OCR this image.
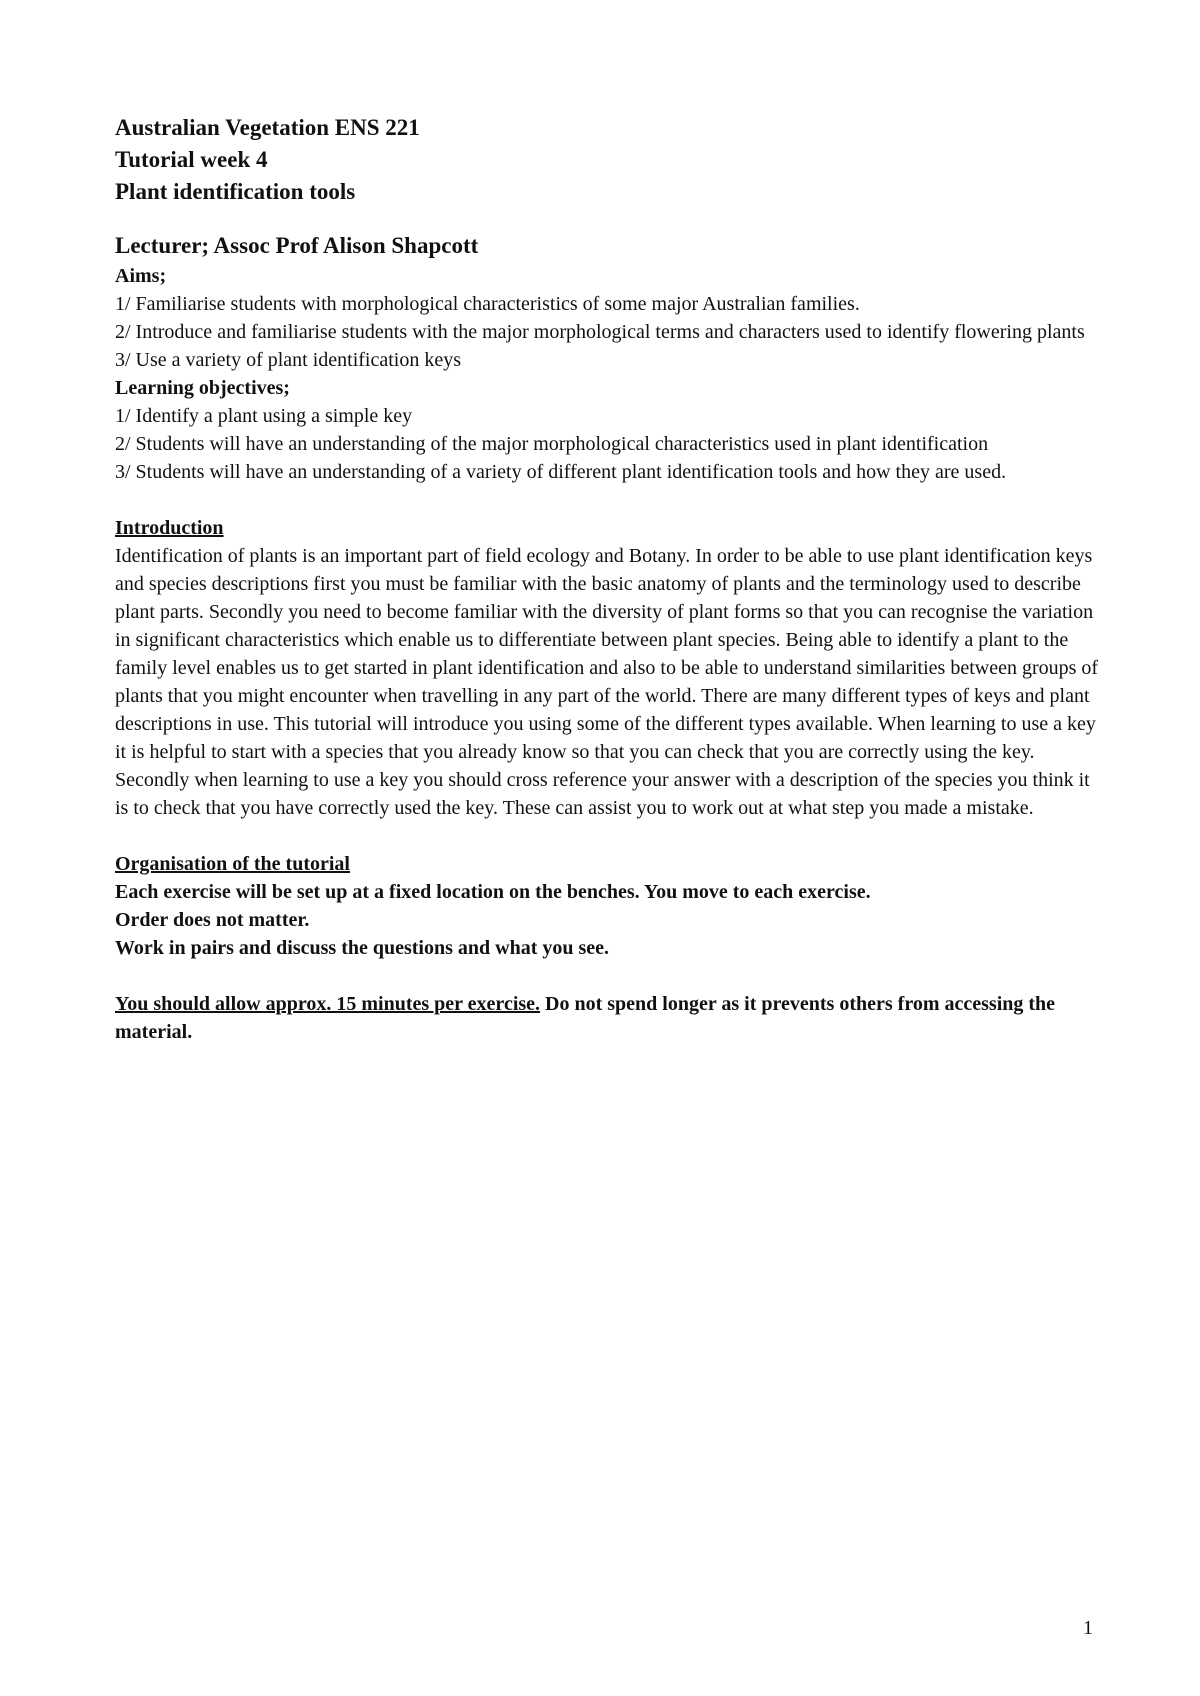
Australian Vegetation ENS 221

Tutorial week 4

Plant identification tools

Lecturer; Assoc Prof Alison Shapcott

Aims;

1/ Familiarise students with morphological characteristics of some major Australian families.
2/ Introduce and familiarise students with the major morphological terms and characters used to identify flowering plants
3/ Use a variety of plant identification keys

Learning objectives;

1/ Identify a plant using a simple key
2/ Students will have an understanding of the major morphological characteristics used in plant identification
3/ Students will have an understanding of a variety of different plant identification tools and how they are used.

Introduction

Identification of plants is an important part of field ecology and Botany. In order to be able to use plant identification keys and species descriptions first you must be familiar with the basic anatomy of plants and the terminology used to describe plant parts. Secondly you need to become familiar with the diversity of plant forms so that you can recognise the variation in significant characteristics which enable us to differentiate between plant species. Being able to identify a plant to the family level enables us to get started in plant identification and also to be able to understand similarities between groups of plants that you might encounter when travelling in any part of the world. There are many different types of keys and plant descriptions in use. This tutorial will introduce you using some of the different types available. When learning to use a key it is helpful to start with a species that you already know so that you can check that you are correctly using the key. Secondly when learning to use a key you should cross reference your answer with a description of the species you think it is to check that you have correctly used the key. These can assist you to work out at what step you made a mistake.

Organisation of the tutorial

Each exercise will be set up at a fixed location on the benches. You move to each exercise.

Order does not matter.

Work in pairs and discuss the questions and what you see.

You should allow approx. 15 minutes per exercise. Do not spend longer as it prevents others from accessing the material.

1
